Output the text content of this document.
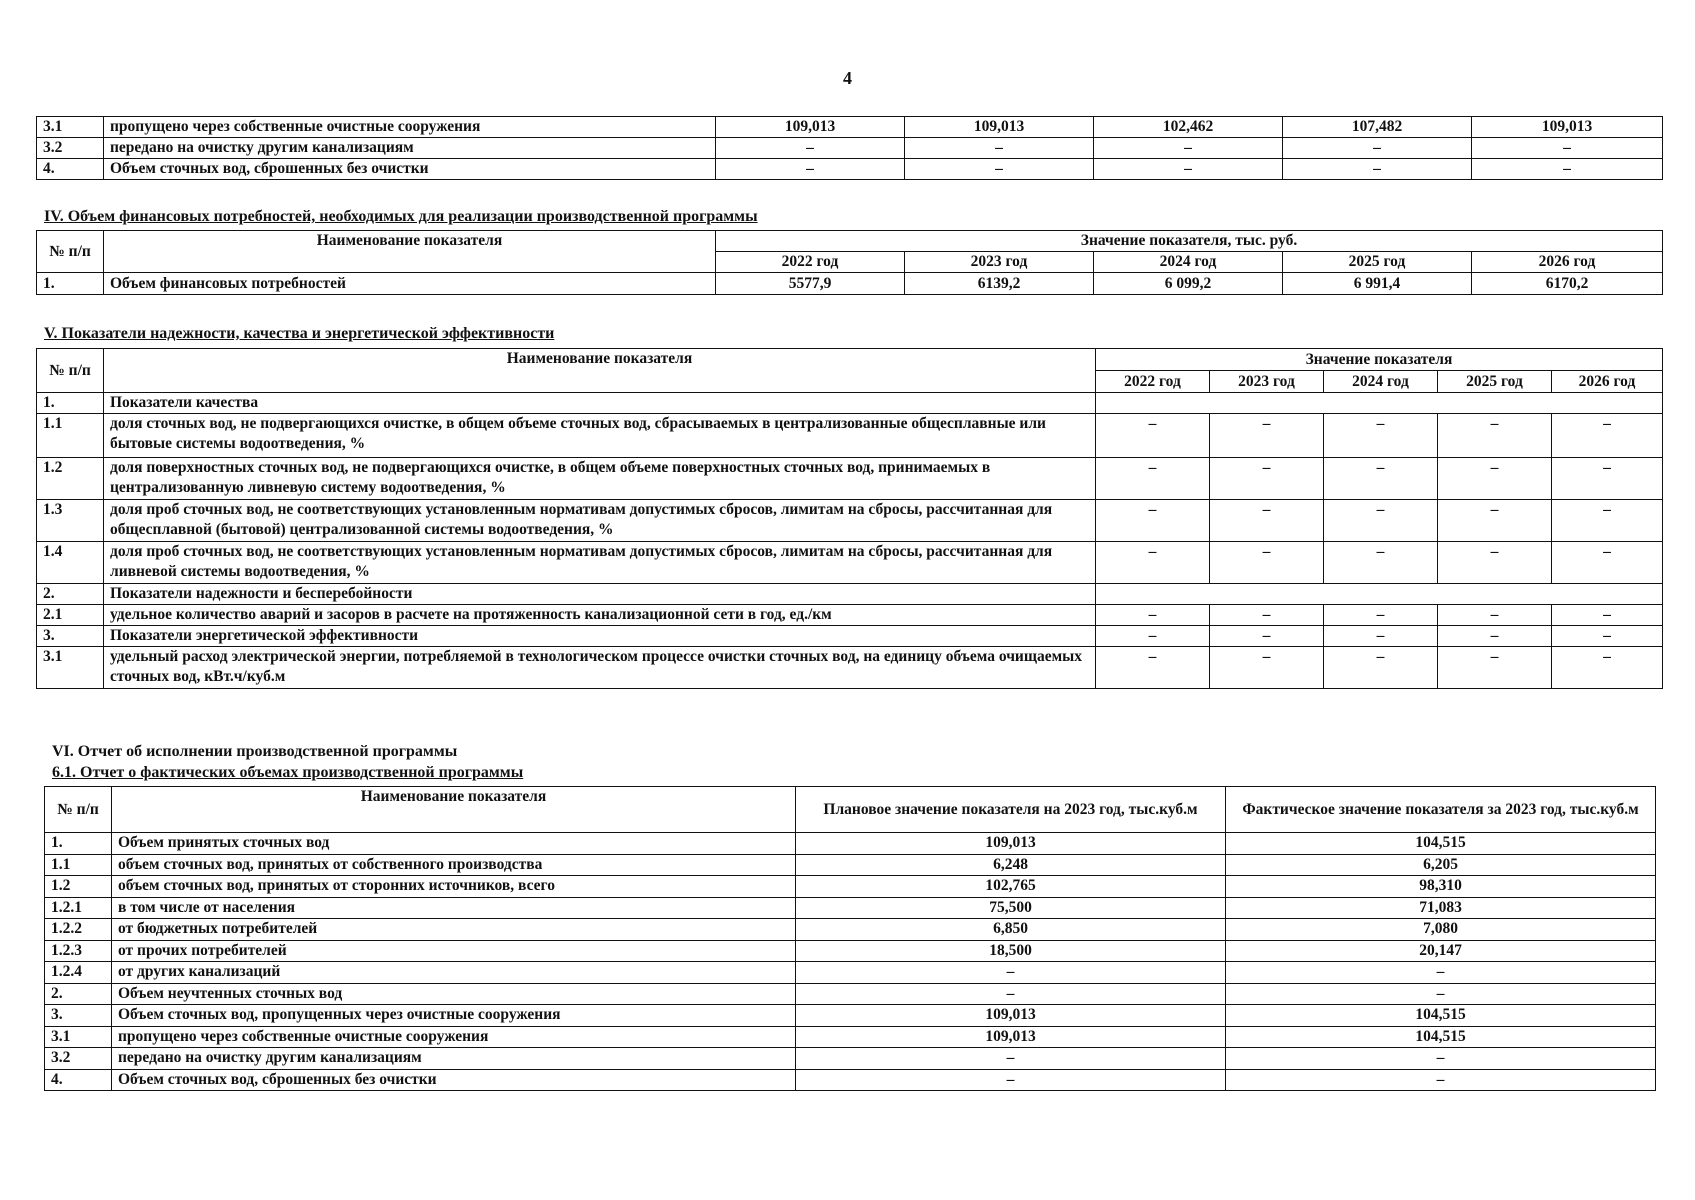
4
3.1	пропущено через собственные очистные сооружения	109,013	109,013	102,462	107,482	109,013
3.2	передано на очистку другим канализациям	–	–	–	–	–
4.	Объем сточных вод, сброшенных без очистки	–	–	–	–	–
IV. Объем финансовых потребностей, необходимых для реализации производственной программы
№ п/п	Наименование показателя	Значение показателя, тыс. руб.				
		2022 год	2023 год	2024 год	2025 год	2026 год
1.	Объем финансовых потребностей	5577,9	6139,2	6 099,2	6 991,4	6170,2
V. Показатели надежности, качества и энергетической эффективности
№ п/п	Наименование показателя	Значение показателя				
		2022 год	2023 год	2024 год	2025 год	2026 год
1.	Показатели качества					
1.1	доля сточных вод, не подвергающихся очистке, в общем объеме сточных вод, сбрасываемых в централизованные общесплавные или бытовые системы водоотведения, %	–	–	–	–	–
1.2	доля поверхностных сточных вод, не подвергающихся очистке, в общем объеме поверхностных сточных вод, принимаемых в централизованную ливневую систему водоотведения, %	–	–	–	–	–
1.3	доля проб сточных вод, не соответствующих установленным нормативам допустимых сбросов, лимитам на сбросы, рассчитанная для общесплавной (бытовой) централизованной системы водоотведения, %	–	–	–	–	–
1.4	доля проб сточных вод, не соответствующих установленным нормативам допустимых сбросов, лимитам на сбросы, рассчитанная для ливневой системы водоотведения, %	–	–	–	–	–
2.	Показатели надежности и бесперебойности					
2.1	удельное количество аварий и засоров в расчете на протяженность канализационной сети в год, ед./км	–	–	–	–	–
3.	Показатели энергетической эффективности	–	–	–	–	–
3.1	удельный расход электрической энергии, потребляемой в технологическом процессе очистки сточных вод, на единицу объема очищаемых сточных вод, кВт.ч/куб.м	–	–	–	–	–
VI. Отчет об исполнении производственной программы
6.1. Отчет о фактических объемах производственной программы
№ п/п	Наименование показателя	Плановое значение показателя на 2023 год, тыс.куб.м	Фактическое значение показателя за 2023 год, тыс.куб.м
1.	Объем принятых сточных вод	109,013	104,515
1.1	объем сточных вод, принятых от собственного производства	6,248	6,205
1.2	объем сточных вод, принятых от сторонних источников, всего	102,765	98,310
1.2.1	в том числе от населения	75,500	71,083
1.2.2	от бюджетных потребителей	6,850	7,080
1.2.3	от прочих потребителей	18,500	20,147
1.2.4	от других канализаций	–	–
2.	Объем неучтенных сточных вод	–	–
3.	Объем сточных вод, пропущенных через очистные сооружения	109,013	104,515
3.1	пропущено через собственные очистные сооружения	109,013	104,515
3.2	передано на очистку другим канализациям	–	–
4.	Объем сточных вод, сброшенных без очистки	–	–
